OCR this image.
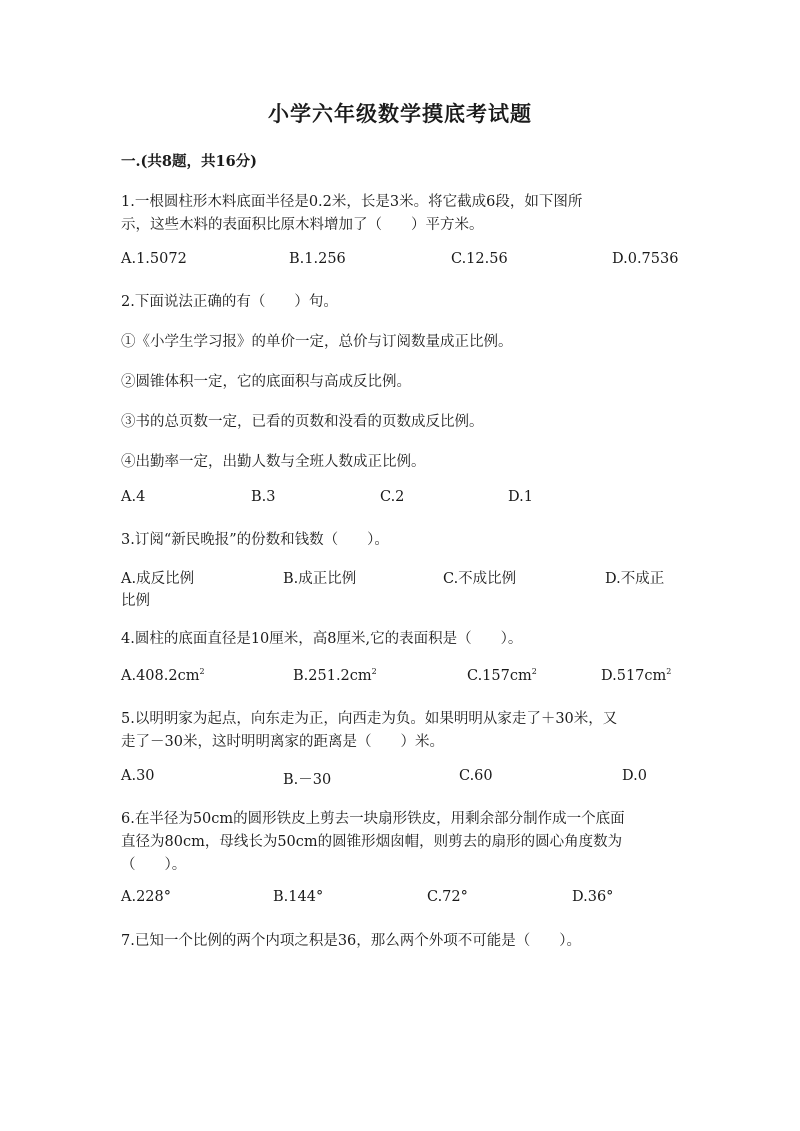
小学六年级数学摸底考试题
一.(共8题，共16分)
1.一根圆柱形木料底面半径是0.2米，长是3米。将它截成6段，如下图所
示，这些木料的表面积比原木料增加了（　　）平方米。
A.1.5072	B.1.256	C.12.56	D.0.7536
2.下面说法正确的有（　　）句。
①《小学生学习报》的单价一定，总价与订阅数量成正比例。
②圆锥体积一定，它的底面积与高成反比例。
③书的总页数一定，已看的页数和没看的页数成反比例。
④出勤率一定，出勤人数与全班人数成正比例。
A.4	B.3	C.2	D.1
3.订阅“新民晚报”的份数和钱数（　　）。
A.成反比例	B.成正比例	C.不成比例	D.不成正
比例
4.圆柱的底面直径是10厘米，高8厘米,它的表面积是（　　）。
$A.408.2cm^2$	$B.251.2cm^2$	$C.157cm^2$	$D.517cm^2$
5.以明明家为起点，向东走为正，向西走为负。如果明明从家走了＋30米，又
走了－30米，这时明明离家的距离是（　　）米。
A.30	B.－30	C.60	D.0
6.在半径为50cm的圆形铁皮上剪去一块扇形铁皮，用剩余部分制作成一个底面
直径为80cm，母线长为50cm的圆锥形烟囱帽，则剪去的扇形的圆心角度数为
（　　）。
A.228°	B.144°	C.72°	D.36°
7.已知一个比例的两个内项之积是36，那么两个外项不可能是（　　）。
